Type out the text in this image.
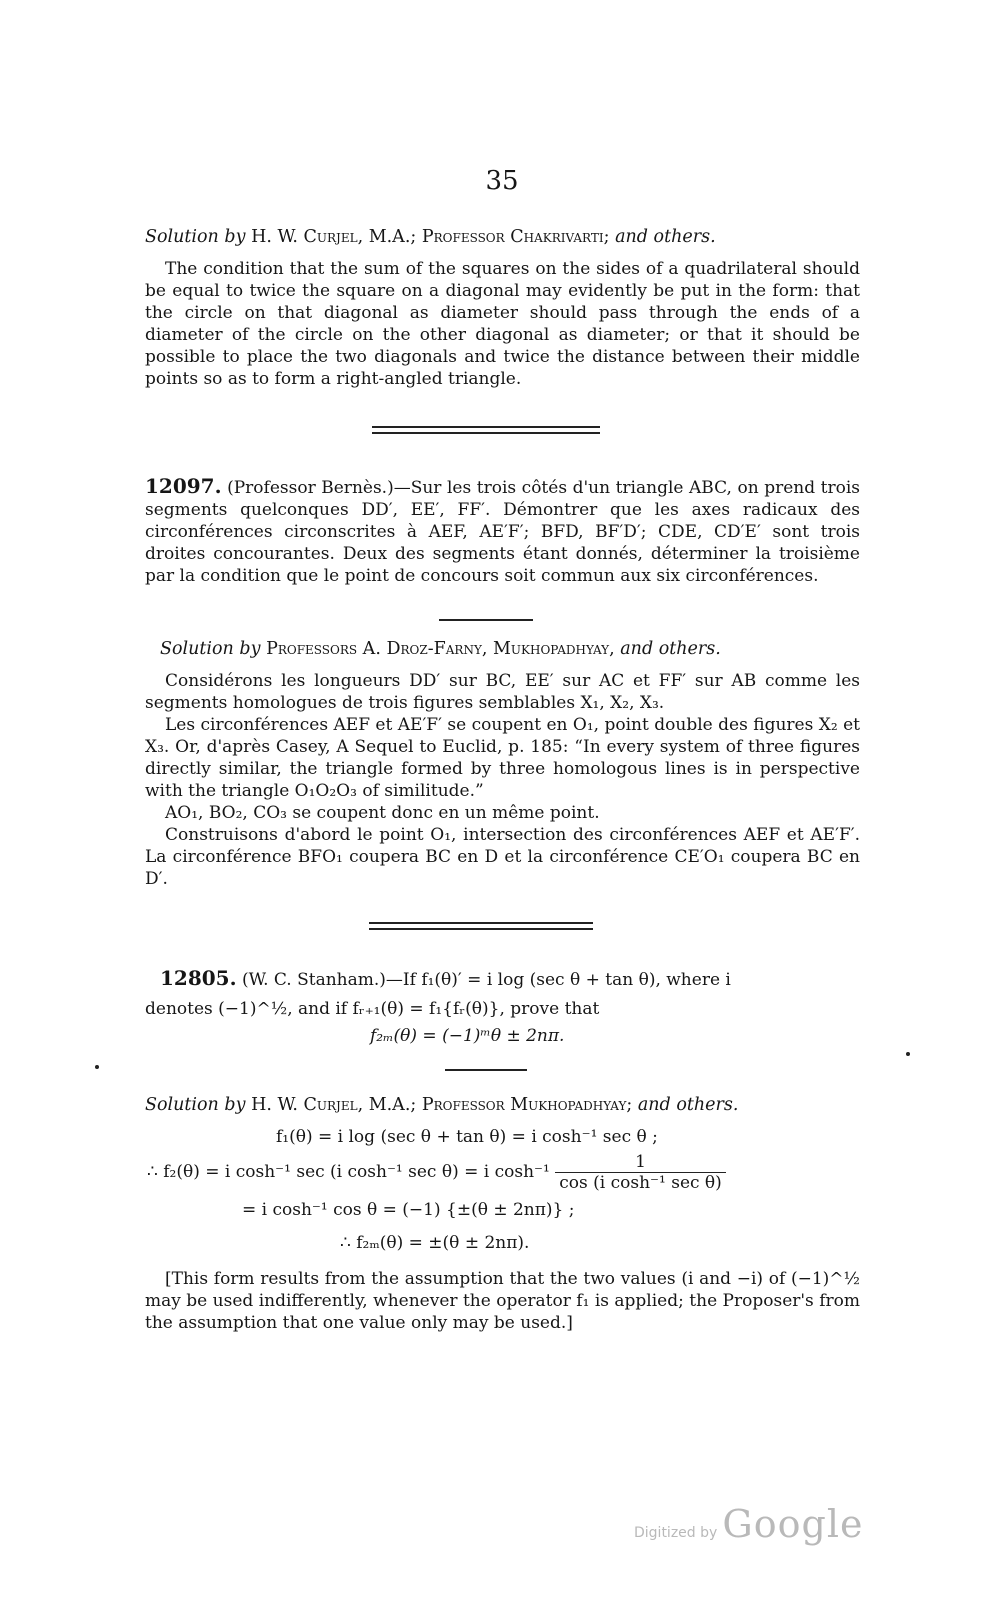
35
Solution by H. W. Curjel, M.A.; Professor Chakrivarti; and others.

The condition that the sum of the squares on the sides of a quadrilateral should be equal to twice the square on a diagonal may evidently be put in the form: that the circle on that diagonal as diameter should pass through the ends of a diameter of the circle on the other diagonal as diameter; or that it should be possible to place the two diagonals and twice the distance between their middle points so as to form a right-angled triangle.

12097. (Professor Bernès.)—Sur les trois côtés d'un triangle ABC, on prend trois segments quelconques DD′, EE′, FF′. Démontrer que les axes radicaux des circonférences circonscrites à AEF, AE′F′; BFD, BF′D′; CDE, CD′E′ sont trois droites concourantes. Deux des segments étant donnés, déterminer la troisième par la condition que le point de concours soit commun aux six circonférences.

Solution by Professors A. Droz-Farny, Mukhopadhyay, and others.

Considérons les longueurs DD′ sur BC, EE′ sur AC et FF′ sur AB comme les segments homologues de trois figures semblables X₁, X₂, X₃.

Les circonférences AEF et AE′F′ se coupent en O₁, point double des figures X₂ et X₃. Or, d'après Casey, A Sequel to Euclid, p. 185: “In every system of three figures directly similar, the triangle formed by three homologous lines is in perspective with the triangle O₁O₂O₃ of similitude.”

AO₁, BO₂, CO₃ se coupent donc en un même point.

Construisons d'abord le point O₁, intersection des circonférences AEF et AE′F′. La circonférence BFO₁ coupera BC en D et la circonférence CE′O₁ coupera BC en D′.

12805. (W. C. Stanham.)—If f₁(θ)′ = i log (sec θ + tan θ), where i
denotes (−1)^½, and if fᵣ₊₁(θ) = f₁{fᵣ(θ)}, prove that
f₂ₘ(θ) = (−1)ᵐθ ± 2nπ.
Solution by H. W. Curjel, M.A.; Professor Mukhopadhyay; and others.
f₁(θ) = i log (sec θ + tan θ) = i cosh⁻¹ sec θ ;
∴ f₂(θ) = i cosh⁻¹ sec (i cosh⁻¹ sec θ) = i $\cosh^{-1} \frac{1}{\text{cos (i cosh⁻¹ sec θ)}}$
= i cosh⁻¹ cos θ = (−1) {±(θ ± 2nπ)} ;
∴ f₂ₘ(θ) = ±(θ ± 2nπ).

[This form results from the assumption that the two values (i and −i) of (−1)^½ may be used indifferently, whenever the operator f₁ is applied; the Proposer's from the assumption that one value only may be used.]

Digitized by Google
